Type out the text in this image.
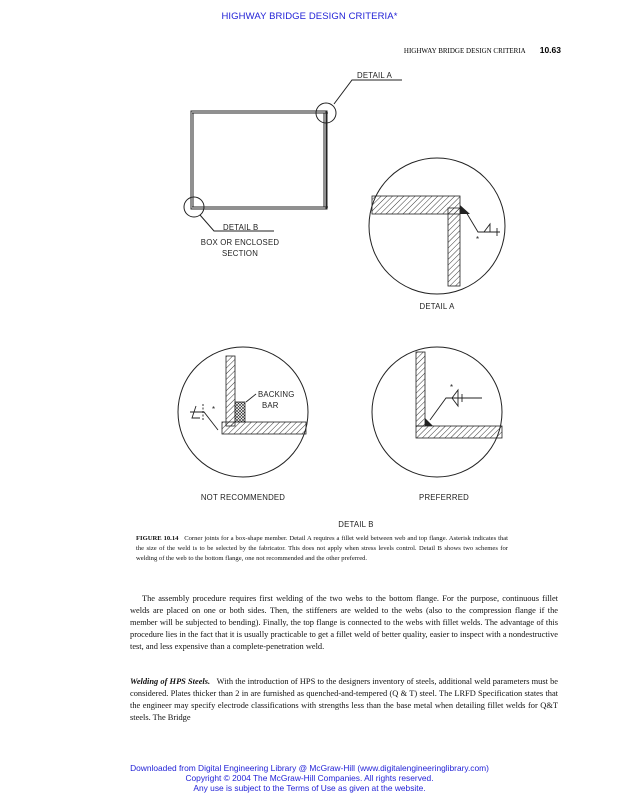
HIGHWAY BRIDGE DESIGN CRITERIA*
HIGHWAY BRIDGE DESIGN CRITERIA 10.63
DETAIL A
DETAIL B
BOX OR ENCLOSED
SECTION
*
DETAIL A
*
BACKING
BAR
NOT RECOMMENDED
*
PREFERRED
DETAIL B
FIGURE 10.14 Corner joints for a box-shape member. Detail A requires a fillet weld between web and top flange. Asterisk indicates that the size of the weld is to be selected by the fabricator. This does not apply when stress levels control. Detail B shows two schemes for welding of the web to the bottom flange, one not recommended and the other preferred.
The assembly procedure requires first welding of the two webs to the bottom flange. For the purpose, continuous fillet welds are placed on one or both sides. Then, the stiffeners are welded to the webs (also to the compression flange if the member will be subjected to bending). Finally, the top flange is connected to the webs with fillet welds. The advantage of this procedure lies in the fact that it is usually practicable to get a fillet weld of better quality, easier to inspect with a nondestructive test, and less expensive than a complete-penetration weld.
Welding of HPS Steels. With the introduction of HPS to the designers inventory of steels, additional weld parameters must be considered. Plates thicker than 2 in are furnished as quenched-and-tempered (Q & T) steel. The LRFD Specification states that the engineer may specify electrode classifications with strengths less than the base metal when detailing fillet welds for Q&T steels. The Bridge
Downloaded from Digital Engineering Library @ McGraw-Hill (www.digitalengineeringlibrary.com)
Copyright © 2004 The McGraw-Hill Companies. All rights reserved.
Any use is subject to the Terms of Use as given at the website.
